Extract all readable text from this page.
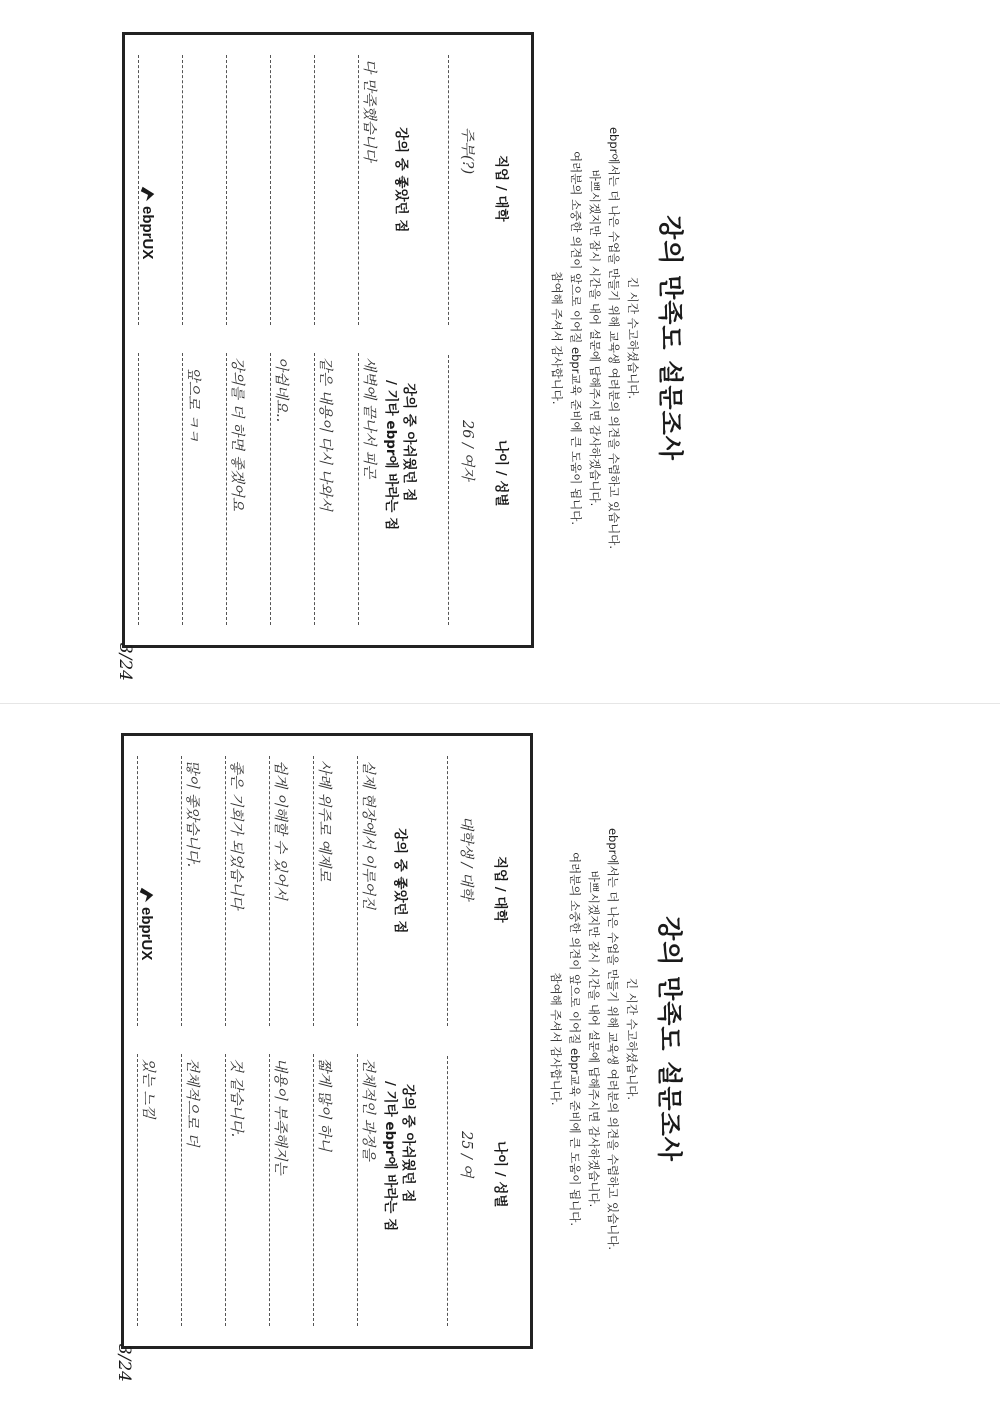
강의 만족도 설문조사
긴 시간 수고하셨습니다.
ebpr에서는 더 나은 수업을 만들기 위해 교육생 여러분의 의견을 수렴하고 있습니다.
바쁘시겠지만 잠시 시간을 내어 설문에 답해주시면 감사하겠습니다.
여러분의 소중한 의견이 앞으로 이어질 ebpr교육 준비에 큰 도움이 됩니다.
참여해 주셔서 감사합니다.
직업 / 대학
주부(?)
나이 / 성별
26 / 여자
강의 중 좋았던 점
강의 중 아쉬웠던 점
/ 기타 ebpr에 바라는 점
다 만족했습니다
새벽에 끝나서 피곤
같은 내용이 다시 나와서
아쉽네요..
강의를 더 하면 좋겠어요
앞으로 ㅋㅋ
ebprUX
3/24
강의 만족도 설문조사
긴 시간 수고하셨습니다.
ebpr에서는 더 나은 수업을 만들기 위해 교육생 여러분의 의견을 수렴하고 있습니다.
바쁘시겠지만 잠시 시간을 내어 설문에 답해주시면 감사하겠습니다.
여러분의 소중한 의견이 앞으로 이어질 ebpr교육 준비에 큰 도움이 됩니다.
참여해 주셔서 감사합니다.
직업 / 대학
대학생 / 대학
나이 / 성별
25 / 여
강의 중 좋았던 점
강의 중 아쉬웠던 점
/ 기타 ebpr에 바라는 점
실제 현장에서 이루어진
사례 위주로 예제로
쉽게 이해할 수 있어서
좋은 기회가 되었습니다
많이 좋았습니다.
전체적인 과정을
짧게 많이 하니
내용이 부족해지는
것 같습니다.
전체적으로 더
있는 느낌
ebprUX
3/24
